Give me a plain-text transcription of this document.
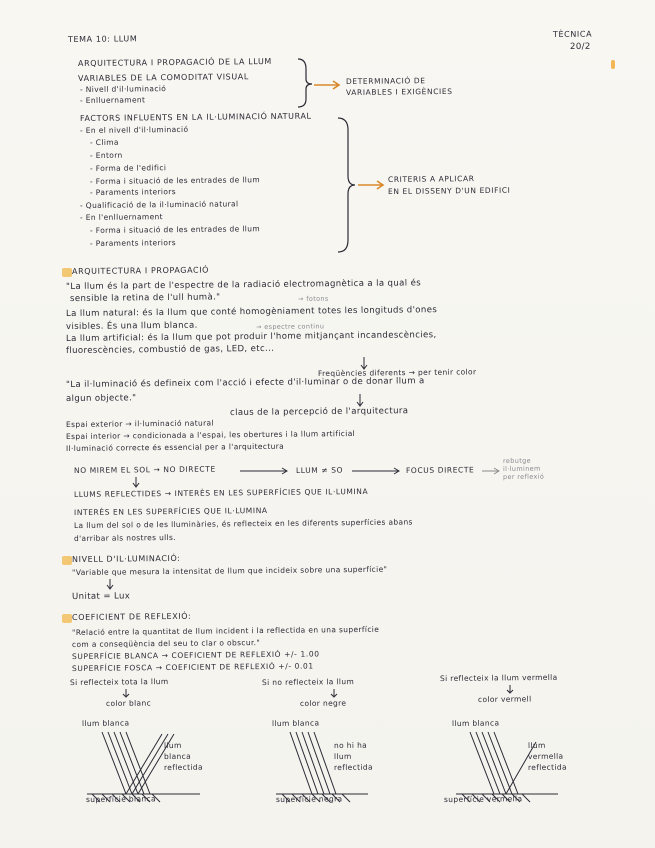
TEMA 10: LLUM	TÈCNICA
20/2
ARQUITECTURA I PROPAGACIÓ DE LA LLUM
VARIABLES DE LA COMODITAT VISUAL
- Nivell d'il·luminació
- Enlluernament
DETERMINACIÓ DE
VARIABLES I EXIGÈNCIES
FACTORS INFLUENTS EN LA IL·LUMINACIÓ NATURAL
- En el nivell d'il·luminació
- Clima
- Entorn
- Forma de l'edifici
- Forma i situació de les entrades de llum
- Paraments interiors
- Qualificació de la il·luminació natural
- En l'enlluernament
- Forma i situació de les entrades de llum
- Paraments interiors
CRITERIS A APLICAR
EN EL DISSENY D'UN EDIFICI
ARQUITECTURA I PROPAGACIÓ
"La llum és la part de l'espectre de la radiació electromagnètica a la qual és
sensible la retina de l'ull humà."	→ fotons
La llum natural: és la llum que conté homogèniament totes les longituds d'ones
visibles. És una llum blanca.	→ espectre continu
La llum artificial: és la llum que pot produir l'home mitjançant incandescències,
fluorescències, combustió de gas, LED, etc...
Freqüències diferents → per tenir color
"La il·luminació és defineix com l'acció i efecte d'il·luminar o de donar llum a
algun objecte."
claus de la percepció de l'arquitectura
Espai exterior → il·luminació natural
Espai interior → condicionada a l'espai, les obertures i la llum artificial
Il·luminació correcte és essencial per a l'arquitectura
NO MIREM EL SOL → NO DIRECTE	LLUM ≠ SO	FOCUS DIRECTE
rebutge
il·luminem
per reflexió
LLUMS REFLECTIDES → INTERÈS EN LES SUPERFÍCIES QUE IL·LUMINA
INTERÈS EN LES SUPERFÍCIES QUE IL·LUMINA
La llum del sol o de les lluminàries, és reflecteix en les diferents superfícies abans
d'arribar als nostres ulls.
NIVELL D'IL·LUMINACIÓ:
"Variable que mesura la intensitat de llum que incideix sobre una superfície"
Unitat = Lux
COEFICIENT DE REFLEXIÓ:
"Relació entre la quantitat de llum incident i la reflectida en una superfície
com a conseqüència del seu to clar o obscur."
SUPERFÍCIE BLANCA → COEFICIENT DE REFLEXIÓ +/- 1.00
SUPERFÍCIE FOSCA → COEFICIENT DE REFLEXIÓ +/- 0.01
Si reflecteix tota la llum
color blanc
llum blanca
llum
blanca
reflectida
superfície blanca
Si no reflecteix la llum
color negre
llum blanca
no hi ha
llum
reflectida
superfície negra
Si reflecteix la llum vermella
color vermell
llum blanca
llum
vermella
reflectida
superfície vermella
